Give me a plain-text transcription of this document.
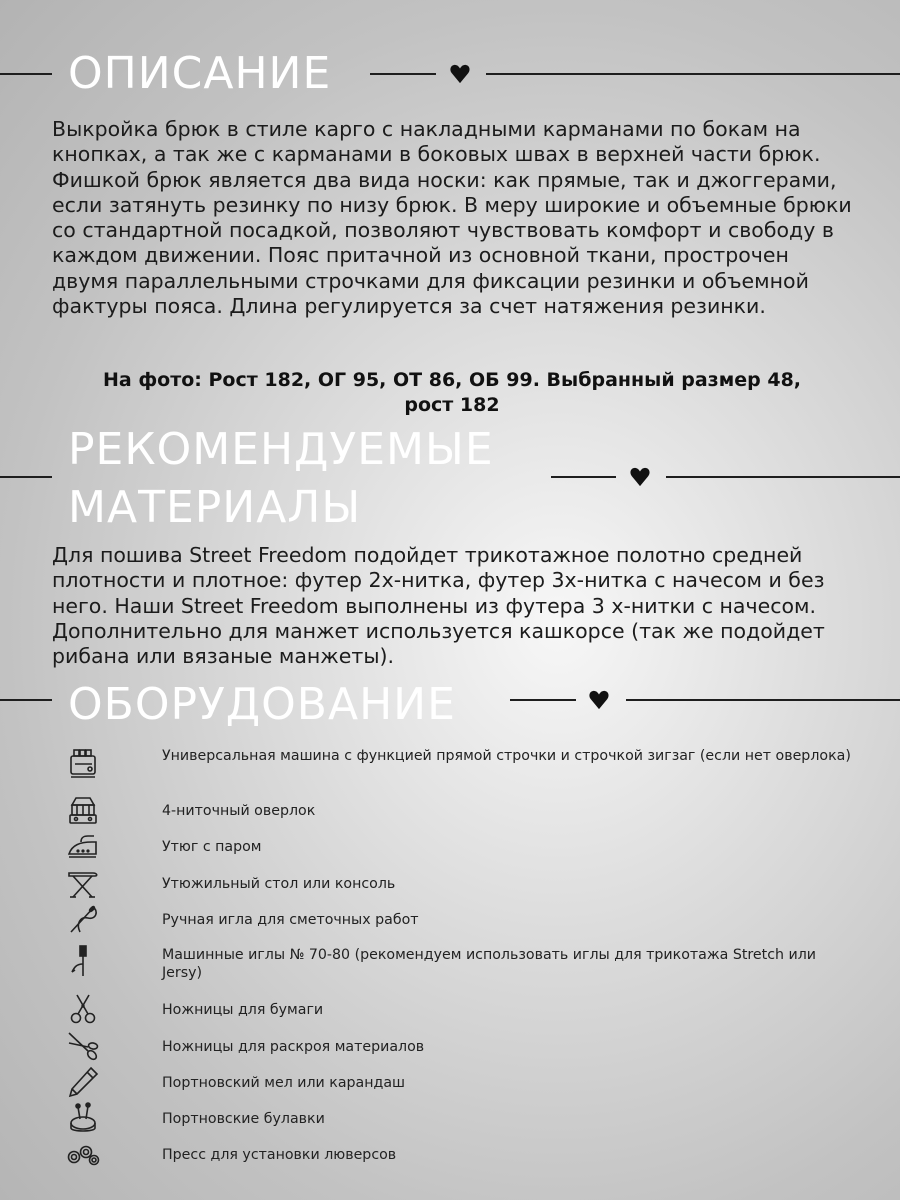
ОПИСАНИЕ

Выкройка брюк в стиле карго с накладными карманами по бокам на кнопках, а так же с карманами в боковых швах в верхней части брюк. Фишкой брюк является два вида носки: как прямые, так и джоггерами, если затянуть резинку по низу брюк. В меру широкие и объемные брюки со стандартной посадкой, позволяют чувствовать комфорт и свободу в каждом движении. Пояс притачной из основной ткани, прострочен двумя параллельными строчками для фиксации резинки и объемной фактуры пояса. Длина регулируется за счет натяжения резинки.

На фото: Рост 182, ОГ 95, ОТ 86, ОБ 99. Выбранный размер 48,
рост 182
РЕКОМЕНДУЕМЫЕ
МАТЕРИАЛЫ

Для пошива Street Freedom подойдет трикотажное полотно средней плотности и плотное: футер 2х-нитка, футер 3х-нитка с начесом и без него. Наши Street Freedom выполнены из футера 3 х-нитки с начесом. Дополнительно для манжет используется кашкорсе (так же подойдет рибана или вязаные манжеты).

ОБОРУДОВАНИЕ
Универсальная машина с функцией прямой строчки и строчкой зигзаг (если нет оверлока)
4-ниточный оверлок
Утюг с паром
Утюжильный стол или консоль
Ручная игла для сметочных работ
Машинные иглы № 70-80 (рекомендуем использовать иглы для трикотажа Stretch или Jersy)
Ножницы для бумаги
Ножницы для раскроя материалов
Портновский мел или карандаш
Портновские булавки
Пресс для установки люверсов
